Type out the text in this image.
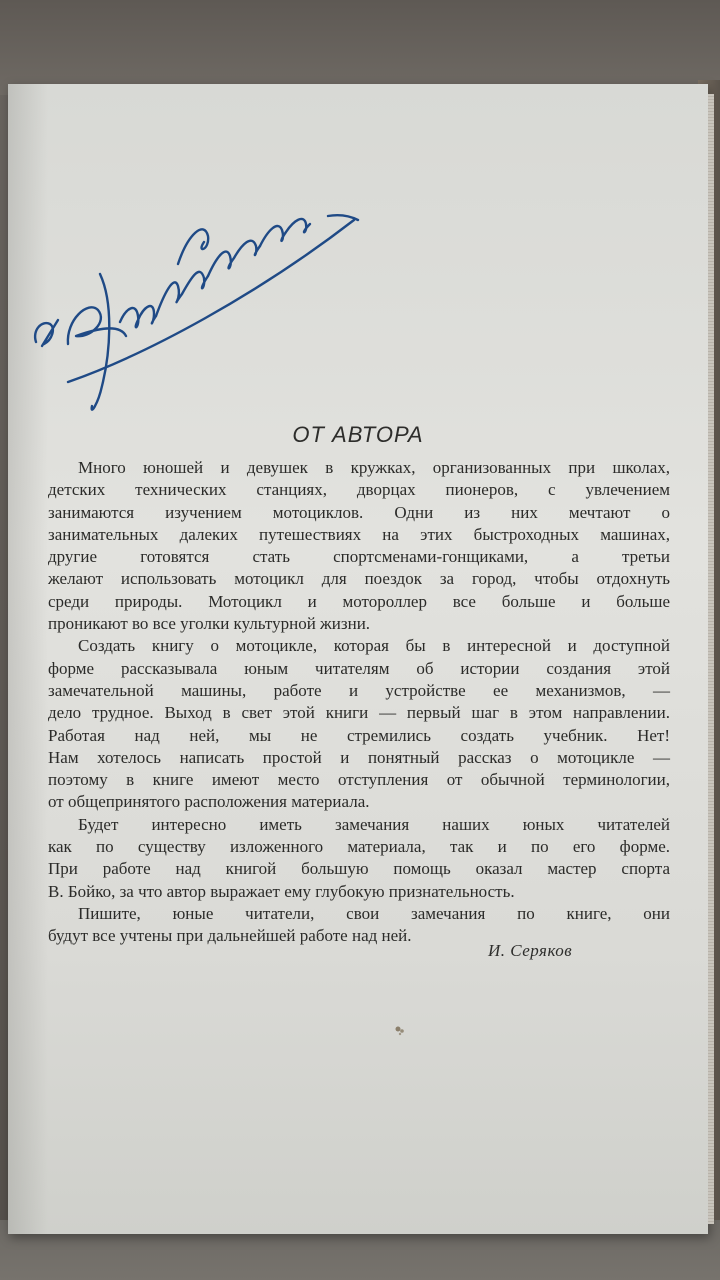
ОТ АВТОРА
Много юношей и девушек в кружках, организованных при школах,
детских технических станциях, дворцах пионеров, с увлечением
занимаются изучением мотоциклов. Одни из них мечтают о
занимательных далеких путешествиях на этих быстроходных машинах,
другие готовятся стать спортсменами-гонщиками, а третьи
желают использовать мотоцикл для поездок за город, чтобы отдохнуть
среди природы. Мотоцикл и мотороллер все больше и больше
проникают во все уголки культурной жизни.
Создать книгу о мотоцикле, которая бы в интересной и доступной
форме рассказывала юным читателям об истории создания этой
замечательной машины, работе и устройстве ее механизмов, —
дело трудное. Выход в свет этой книги — первый шаг в этом направлении.
Работая над ней, мы не стремились создать учебник. Нет!
Нам хотелось написать простой и понятный рассказ о мотоцикле —
поэтому в книге имеют место отступления от обычной терминологии,
от общепринятого расположения материала.
Будет интересно иметь замечания наших юных читателей
как по существу изложенного материала, так и по его форме.
При работе над книгой большую помощь оказал мастер спорта
В. Бойко, за что автор выражает ему глубокую признательность.
Пишите, юные читатели, свои замечания по книге, они
будут все учтены при дальнейшей работе над ней.
И. Серяков
